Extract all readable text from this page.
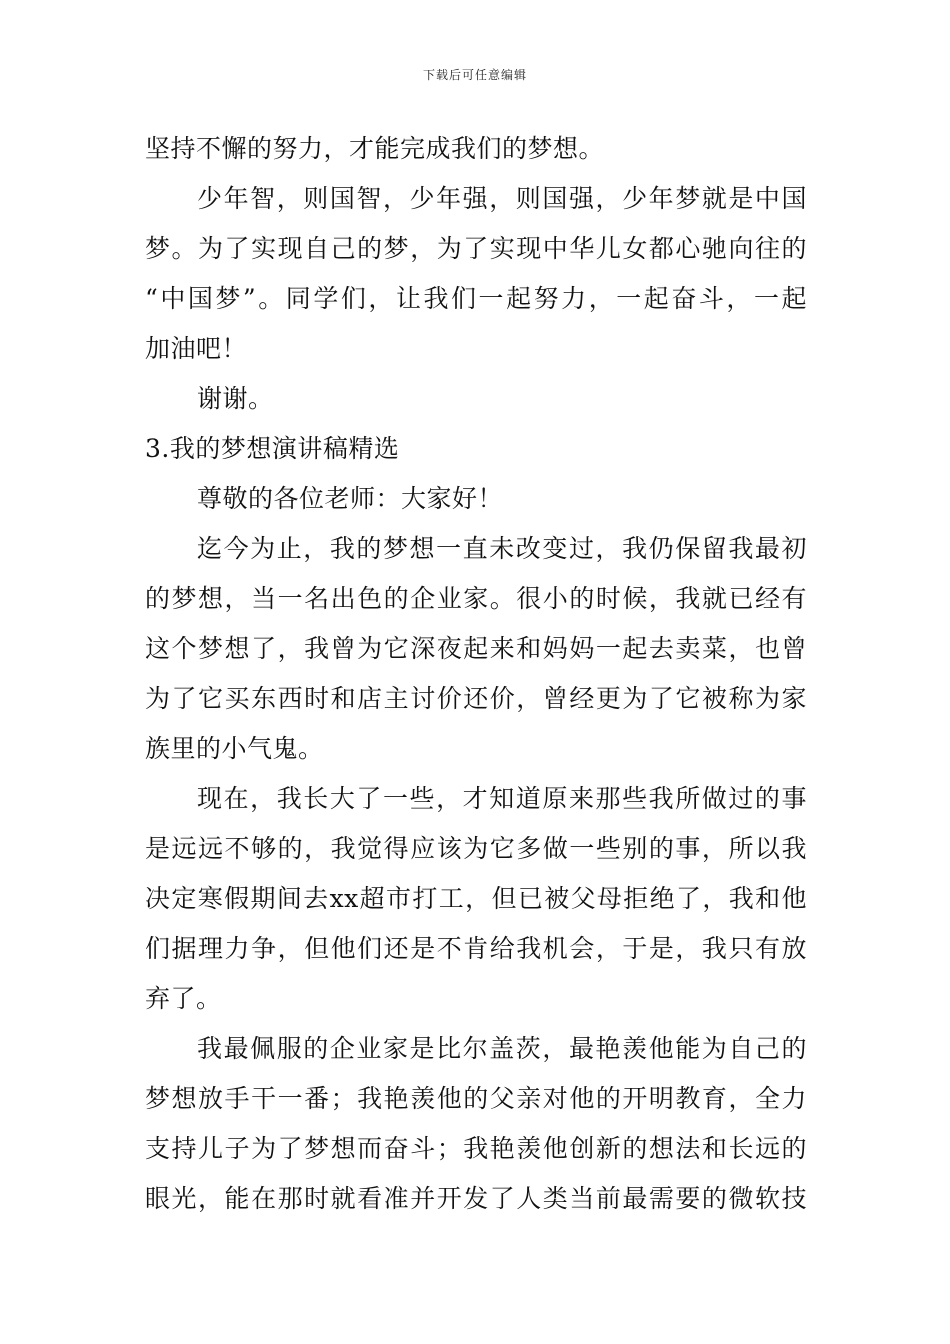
下载后可任意编辑
坚持不懈的努力，才能完成我们的梦想。
少年智，则国智，少年强，则国强，少年梦就是中国
梦。为了实现自己的梦，为了实现中华儿女都心驰向往的
“中国梦”。同学们，让我们一起努力，一起奋斗，一起
加油吧！
谢谢。
3.我的梦想演讲稿精选
尊敬的各位老师：大家好！
迄今为止，我的梦想一直未改变过，我仍保留我最初
的梦想，当一名出色的企业家。很小的时候，我就已经有
这个梦想了，我曾为它深夜起来和妈妈一起去卖菜，也曾
为了它买东西时和店主讨价还价，曾经更为了它被称为家
族里的小气鬼。
现在，我长大了一些，才知道原来那些我所做过的事
是远远不够的，我觉得应该为它多做一些别的事，所以我
决定寒假期间去xx超市打工，但已被父母拒绝了，我和他
们据理力争，但他们还是不肯给我机会，于是，我只有放
弃了。
我最佩服的企业家是比尔盖茨，最艳羡他能为自己的
梦想放手干一番；我艳羡他的父亲对他的开明教育，全力
支持儿子为了梦想而奋斗；我艳羡他创新的想法和长远的
眼光，能在那时就看准并开发了人类当前最需要的微软技
